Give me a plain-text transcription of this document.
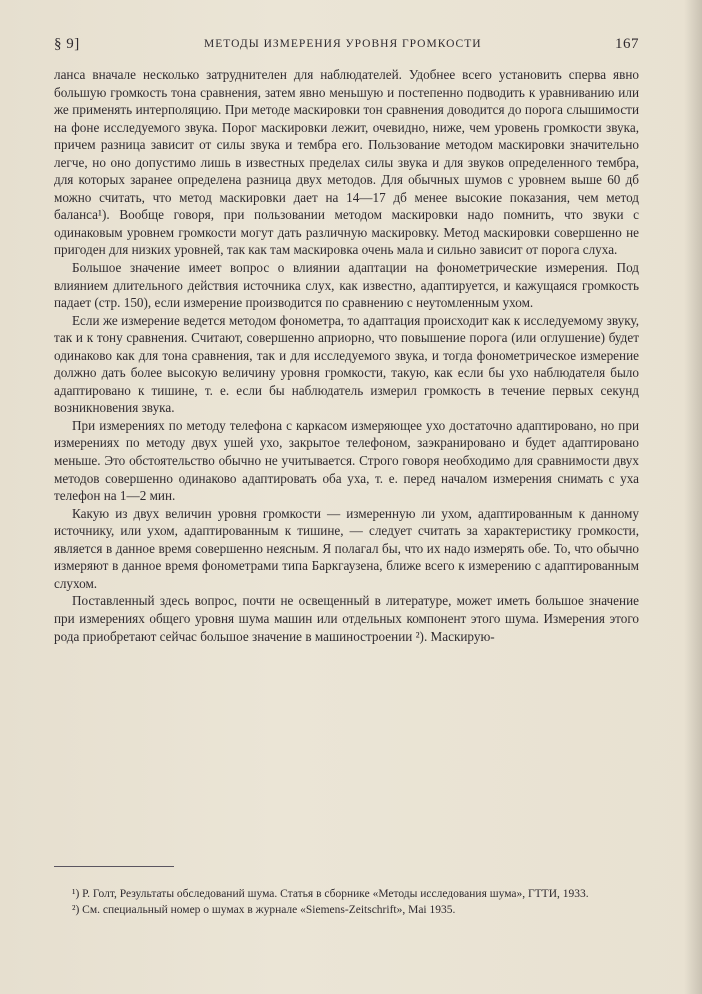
§ 9]	МЕТОДЫ ИЗМЕРЕНИЯ УРОВНЯ ГРОМКОСТИ	167

ланса вначале несколько затруднителен для наблюдателей. Удобнее всего установить сперва явно большую громкость тона сравнения, затем явно меньшую и постепенно подводить к уравниванию или же применять интерполяцию. При методе маскировки тон сравнения доводится до порога слышимости на фоне исследуемого звука. Порог маскировки лежит, очевидно, ниже, чем уровень громкости звука, причем разница зависит от силы звука и тембра его. Пользование методом маскировки значительно легче, но оно допустимо лишь в известных пределах силы звука и для звуков определенного тембра, для которых заранее определена разница двух методов. Для обычных шумов с уровнем выше 60 дб можно считать, что метод маскировки дает на 14—17 дб менее высокие показания, чем метод баланса¹). Вообще говоря, при пользовании методом маскировки надо помнить, что звуки с одинаковым уровнем громкости могут дать различную маскировку. Метод маскировки совершенно не пригоден для низких уровней, так как там маскировка очень мала и сильно зависит от порога слуха.

Большое значение имеет вопрос о влиянии адаптации на фонометрические измерения. Под влиянием длительного действия источника слух, как известно, адаптируется, и кажущаяся громкость падает (стр. 150), если измерение производится по сравнению с неутомленным ухом.

Если же измерение ведется методом фонометра, то адаптация происходит как к исследуемому звуку, так и к тону сравнения. Считают, совершенно априорно, что повышение порога (или оглушение) будет одинаково как для тона сравнения, так и для исследуемого звука, и тогда фонометрическое измерение должно дать более высокую величину уровня громкости, такую, как если бы ухо наблюдателя было адаптировано к тишине, т. е. если бы наблюдатель измерил громкость в течение первых секунд возникновения звука.

При измерениях по методу телефона с каркасом измеряющее ухо достаточно адаптировано, но при измерениях по методу двух ушей ухо, закрытое телефоном, заэкранировано и будет адаптировано меньше. Это обстоятельство обычно не учитывается. Строго говоря необходимо для сравнимости двух методов совершенно одинаково адаптировать оба уха, т. е. перед началом измерения снимать с уха телефон на 1—2 мин.

Какую из двух величин уровня громкости — измеренную ли ухом, адаптированным к данному источнику, или ухом, адаптированным к тишине, — следует считать за характеристику громкости, является в данное время совершенно неясным. Я полагал бы, что их надо измерять обе. То, что обычно измеряют в данное время фонометрами типа Баркгаузена, ближе всего к измерению с адаптированным слухом.

Поставленный здесь вопрос, почти не освещенный в литературе, может иметь большое значение при измерениях общего уровня шума машин или отдельных компонент этого шума. Измерения этого рода приобретают сейчас большое значение в машиностроении ²). Маскирую-

¹) Р. Голт, Результаты обследований шума. Статья в сборнике «Методы исследования шума», ГТТИ, 1933.

²) См. специальный номер о шумах в журнале «Siemens-Zeitschrift», Mai 1935.
